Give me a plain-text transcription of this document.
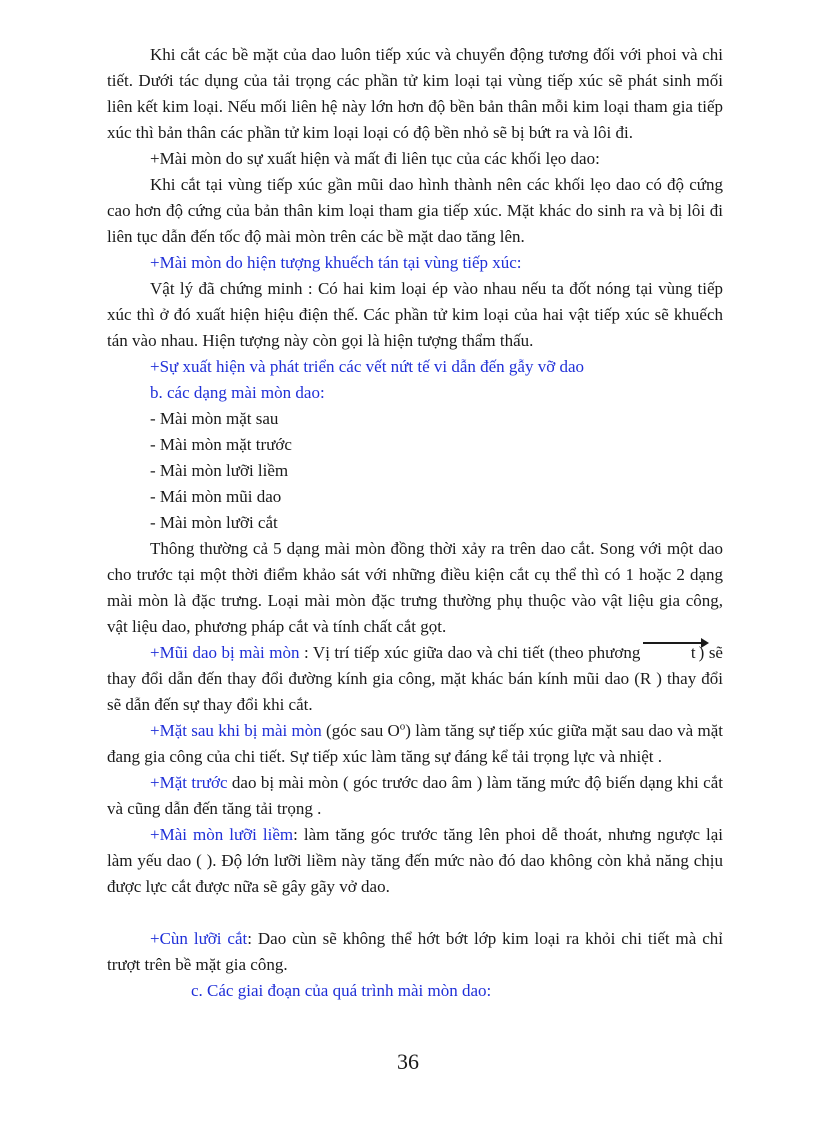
Khi cắt các bề mặt của dao luôn tiếp xúc và chuyển động tương đối với phoi và chi tiết. Dưới tác dụng của tải trọng các phần tử kim loại tại vùng tiếp xúc sẽ phát sinh mối liên kết kim loại. Nếu mối liên hệ này lớn hơn độ bền bản thân mỗi kim loại tham gia tiếp xúc thì bản thân các phần tử kim loại loại có độ bền nhỏ sẽ bị bứt ra và lôi đi.

+Mài mòn do sự xuất hiện và mất đi liên tục của các khối lẹo dao:

Khi cắt tại vùng tiếp xúc gần mũi dao hình thành nên các khối lẹo dao có độ cứng cao hơn độ cứng của bản thân kim loại tham gia tiếp xúc. Mặt khác do sinh ra và bị lôi đi liên tục dẫn đến tốc độ mài mòn trên các bề mặt dao tăng lên.

+Mài mòn do hiện tượng khuếch tán tại vùng tiếp xúc:

Vật lý đã chứng minh : Có hai kim loại ép vào nhau nếu ta đốt nóng tại vùng tiếp xúc thì ở đó xuất hiện hiệu điện thế. Các phần tử kim loại của hai vật tiếp xúc sẽ khuếch tán vào nhau. Hiện tượng này còn gọi là hiện tượng thẩm thấu.

+Sự xuất hiện và phát triển các vết nứt tế vi dẫn đến gẫy vỡ dao

b. các dạng mài mòn dao:

- Mài mòn mặt sau

- Mài mòn mặt trước

- Mài mòn lưỡi liềm

- Mái mòn mũi dao

- Mài mòn lưỡi cắt

Thông thường cả 5 dạng mài mòn đồng thời xảy ra trên dao cắt. Song với một dao cho trước tại một thời điểm khảo sát với những điều kiện cắt cụ thể thì có 1 hoặc 2 dạng mài mòn là đặc trưng. Loại mài mòn đặc trưng thường phụ thuộc vào vật liệu gia công, vật liệu dao, phương pháp cắt và tính chất cắt gọt.

+Mũi dao bị mài mòn : Vị trí tiếp xúc giữa dao và chi tiết (theo phương	t ) sẽ thay đổi dẫn đến thay đổi đường kính gia công, mặt khác bán kính mũi dao (R ) thay đổi sẽ dẫn đến sự thay đổi khi cắt.

+Mặt sau khi bị mài mòn (góc sau $O^o$) làm tăng sự tiếp xúc giữa mặt sau dao và mặt đang gia công của chi tiết. Sự tiếp xúc làm tăng sự đáng kể tải trọng lực và nhiệt .

+Mặt trước dao bị mài mòn ( góc trước dao âm ) làm tăng mức độ biến dạng khi cắt và cũng dẫn đến tăng tải trọng .

+Mài mòn lưỡi liềm: làm tăng góc trước tăng lên phoi dễ thoát, nhưng ngược lại làm yếu dao ( ). Độ lớn lưỡi liềm này tăng đến mức nào đó dao không còn khả năng chịu được lực cắt được nữa sẽ gây gãy vở dao.

+Cùn lưỡi cắt: Dao cùn sẽ không thể hớt bớt lớp kim loại ra khỏi chi tiết mà chỉ trượt trên bề mặt gia công.

c. Các giai đoạn của quá trình mài mòn dao:

36
